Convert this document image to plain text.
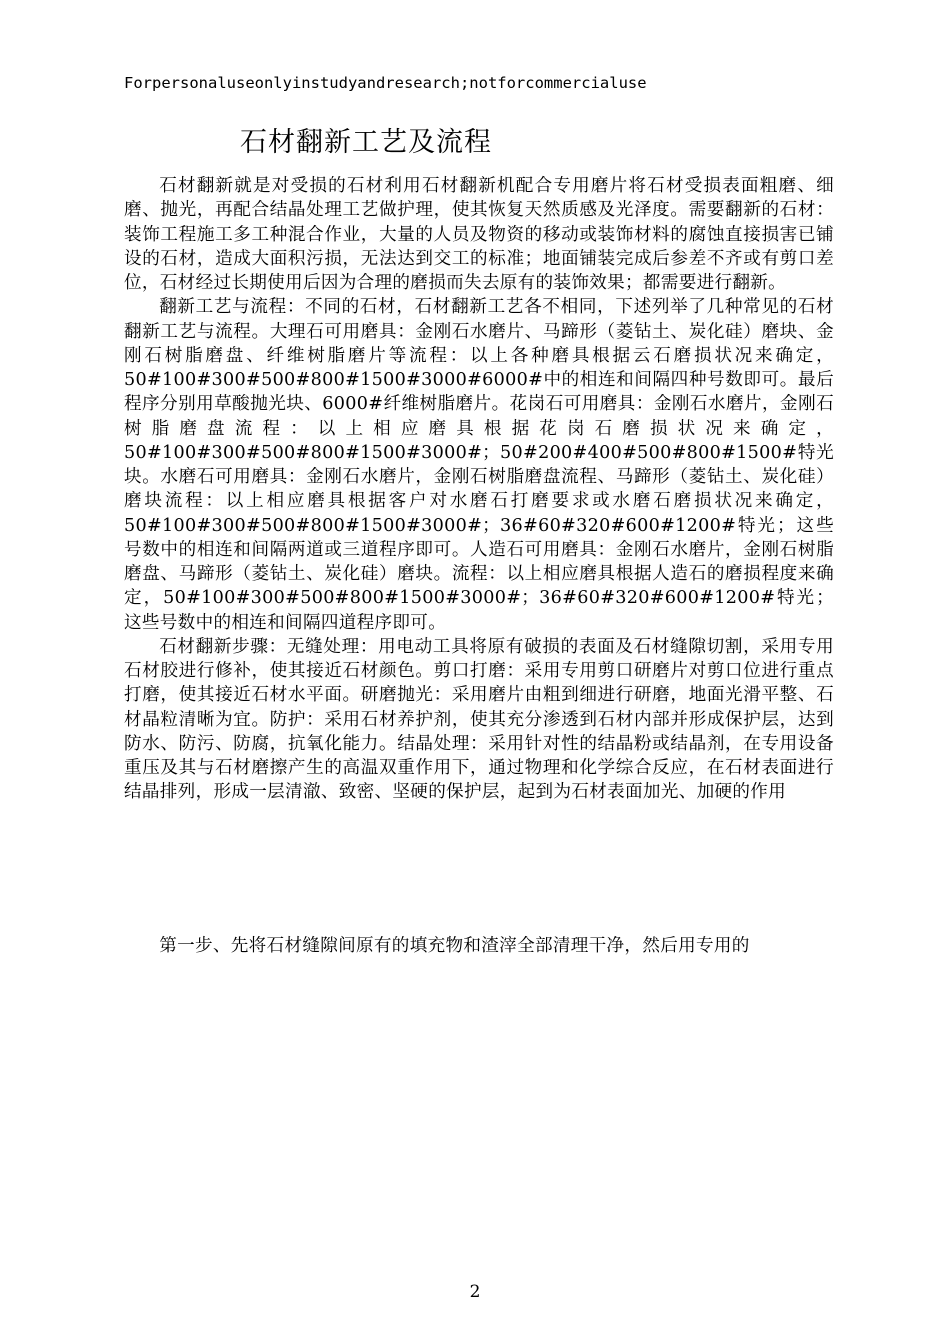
Forpersonaluseonlyinstudyandresearch;notforcommercialuse
石材翻新工艺及流程

石材翻新就是对受损的石材利用石材翻新机配合专用磨片将石材受损表面粗磨、细磨、抛光，再配合结晶处理工艺做护理，使其恢复天然质感及光泽度。需要翻新的石材：装饰工程施工多工种混合作业，大量的人员及物资的移动或装饰材料的腐蚀直接损害已铺设的石材，造成大面积污损，无法达到交工的标准；地面铺装完成后参差不齐或有剪口差位，石材经过长期使用后因为合理的磨损而失去原有的装饰效果；都需要进行翻新。

翻新工艺与流程：不同的石材，石材翻新工艺各不相同，下述列举了几种常见的石材翻新工艺与流程。大理石可用磨具：金刚石水磨片、马蹄形（菱钻土、炭化硅）磨块、金刚石树脂磨盘、纤维树脂磨片等流程：以上各种磨具根据云石磨损状况来确定，50#100#300#500#800#1500#3000#6000#中的相连和间隔四种号数即可。最后程序分别用草酸抛光块、6000#纤维树脂磨片。花岗石可用磨具：金刚石水磨片，金刚石树脂磨盘流程：以上相应磨具根据花岗石磨损状况来确定，50#100#300#500#800#1500#3000#；50#200#400#500#800#1500#特光块。水磨石可用磨具：金刚石水磨片，金刚石树脂磨盘流程、马蹄形（菱钻土、炭化硅）磨块流程：以上相应磨具根据客户对水磨石打磨要求或水磨石磨损状况来确定，50#100#300#500#800#1500#3000#；36#60#320#600#1200#特光；这些号数中的相连和间隔两道或三道程序即可。人造石可用磨具：金刚石水磨片，金刚石树脂磨盘、马蹄形（菱钻土、炭化硅）磨块。流程：以上相应磨具根据人造石的磨损程度来确定，50#100#300#500#800#1500#3000#；36#60#320#600#1200#特光；这些号数中的相连和间隔四道程序即可。

石材翻新步骤：无缝处理：用电动工具将原有破损的表面及石材缝隙切割，采用专用石材胶进行修补，使其接近石材颜色。剪口打磨：采用专用剪口研磨片对剪口位进行重点打磨，使其接近石材水平面。研磨抛光：采用磨片由粗到细进行研磨，地面光滑平整、石材晶粒清晰为宜。防护：采用石材养护剂，使其充分渗透到石材内部并形成保护层，达到防水、防污、防腐，抗氧化能力。结晶处理：采用针对性的结晶粉或结晶剂，在专用设备重压及其与石材磨擦产生的高温双重作用下，通过物理和化学综合反应，在石材表面进行结晶排列，形成一层清澈、致密、坚硬的保护层，起到为石材表面加光、加硬的作用

第一步、先将石材缝隙间原有的填充物和渣滓全部清理干净，然后用专用的

2
